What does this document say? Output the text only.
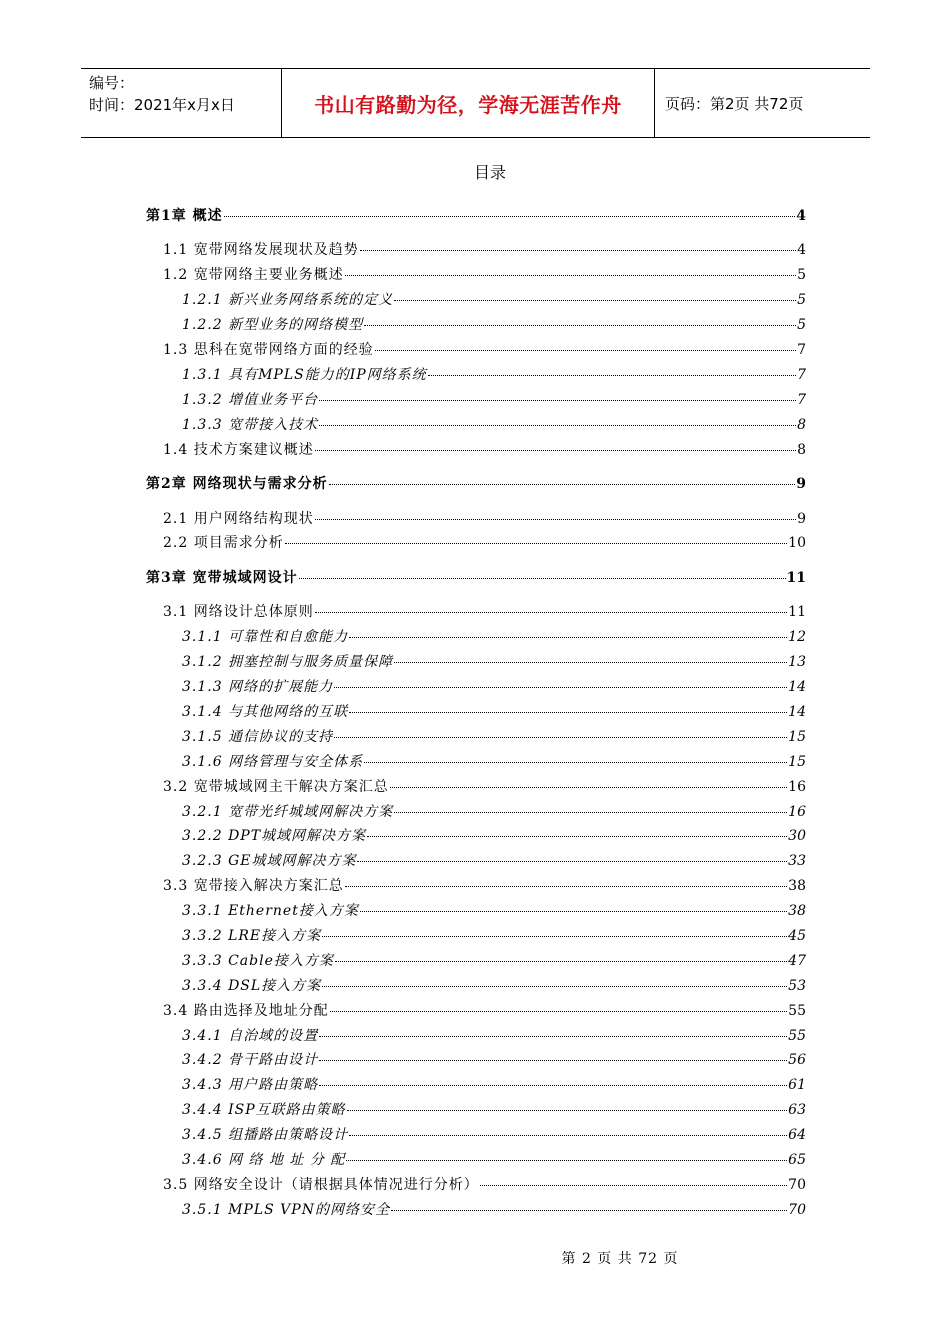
编号：
时间：2021年x月x日	书山有路勤为径，学海无涯苦作舟	页码：第2页 共72页
目录
第1章 概述	4
1.1 宽带网络发展现状及趋势	4
1.2 宽带网络主要业务概述	5
1.2.1 新兴业务网络系统的定义	5
1.2.2 新型业务的网络模型	5
1.3 思科在宽带网络方面的经验	7
1.3.1 具有MPLS能力的IP网络系统	7
1.3.2 增值业务平台	7
1.3.3 宽带接入技术	8
1.4 技术方案建议概述	8
第2章 网络现状与需求分析	9
2.1 用户网络结构现状	9
2.2 项目需求分析	10
第3章 宽带城域网设计	11
3.1 网络设计总体原则	11
3.1.1 可靠性和自愈能力	12
3.1.2 拥塞控制与服务质量保障	13
3.1.3 网络的扩展能力	14
3.1.4 与其他网络的互联	14
3.1.5 通信协议的支持	15
3.1.6 网络管理与安全体系	15
3.2 宽带城域网主干解决方案汇总	16
3.2.1 宽带光纤城域网解决方案	16
3.2.2 DPT城域网解决方案	30
3.2.3 GE城域网解决方案	33
3.3 宽带接入解决方案汇总	38
3.3.1 Ethernet接入方案	38
3.3.2 LRE接入方案	45
3.3.3 Cable接入方案	47
3.3.4 DSL接入方案	53
3.4 路由选择及地址分配	55
3.4.1 自治域的设置	55
3.4.2 骨干路由设计	56
3.4.3 用户路由策略	61
3.4.4 ISP互联路由策略	63
3.4.5 组播路由策略设计	64
3.4.6 网 络 地 址 分 配	65
3.5 网络安全设计（请根据具体情况进行分析）	70
3.5.1 MPLS VPN的网络安全	70
第 2 页 共 72 页
